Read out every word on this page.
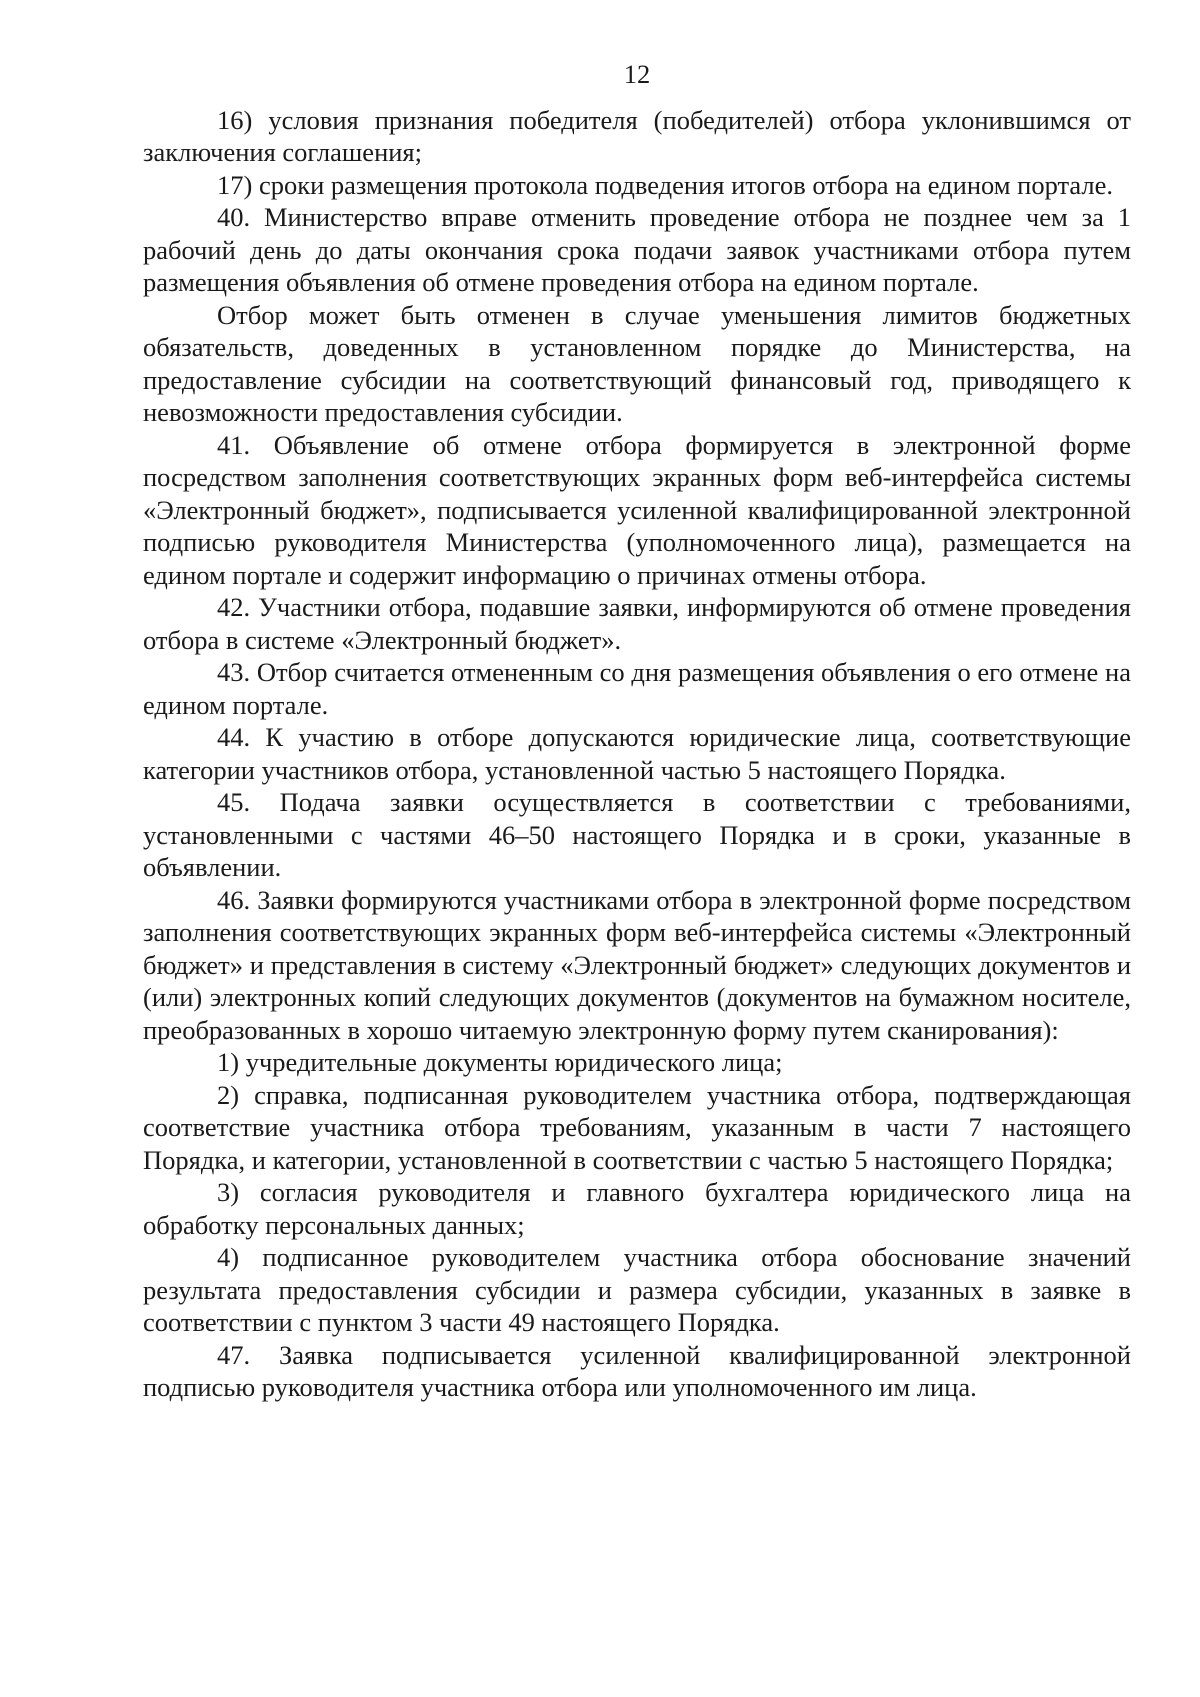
12

16) условия признания победителя (победителей) отбора уклонившимся от заключения соглашения;

17) сроки размещения протокола подведения итогов отбора на едином портале.

40. Министерство вправе отменить проведение отбора не позднее чем за 1 рабочий день до даты окончания срока подачи заявок участниками отбора путем размещения объявления об отмене проведения отбора на едином портале.

Отбор может быть отменен в случае уменьшения лимитов бюджетных обязательств, доведенных в установленном порядке до Министерства, на предоставление субсидии на соответствующий финансовый год, приводящего к невозможности предоставления субсидии.

41. Объявление об отмене отбора формируется в электронной форме посредством заполнения соответствующих экранных форм веб-интерфейса системы «Электронный бюджет», подписывается усиленной квалифицированной электронной подписью руководителя Министерства (уполномоченного лица), размещается на едином портале и содержит информацию о причинах отмены отбора.

42. Участники отбора, подавшие заявки, информируются об отмене проведения отбора в системе «Электронный бюджет».

43. Отбор считается отмененным со дня размещения объявления о его отмене на едином портале.

44. К участию в отборе допускаются юридические лица, соответствующие категории участников отбора, установленной частью 5 настоящего Порядка.

45. Подача заявки осуществляется в соответствии с требованиями, установленными с частями 46–50 настоящего Порядка и в сроки, указанные в объявлении.

46. Заявки формируются участниками отбора в электронной форме посредством заполнения соответствующих экранных форм веб-интерфейса системы «Электронный бюджет» и представления в систему «Электронный бюджет» следующих документов и (или) электронных копий следующих документов (документов на бумажном носителе, преобразованных в хорошо читаемую электронную форму путем сканирования):

1) учредительные документы юридического лица;

2) справка, подписанная руководителем участника отбора, подтверждающая соответствие участника отбора требованиям, указанным в части 7 настоящего Порядка, и категории, установленной в соответствии с частью 5 настоящего Порядка;

3) согласия руководителя и главного бухгалтера юридического лица на обработку персональных данных;

4) подписанное руководителем участника отбора обоснование значений результата предоставления субсидии и размера субсидии, указанных в заявке в соответствии с пунктом 3 части 49 настоящего Порядка.

47. Заявка подписывается усиленной квалифицированной электронной подписью руководителя участника отбора или уполномоченного им лица.
